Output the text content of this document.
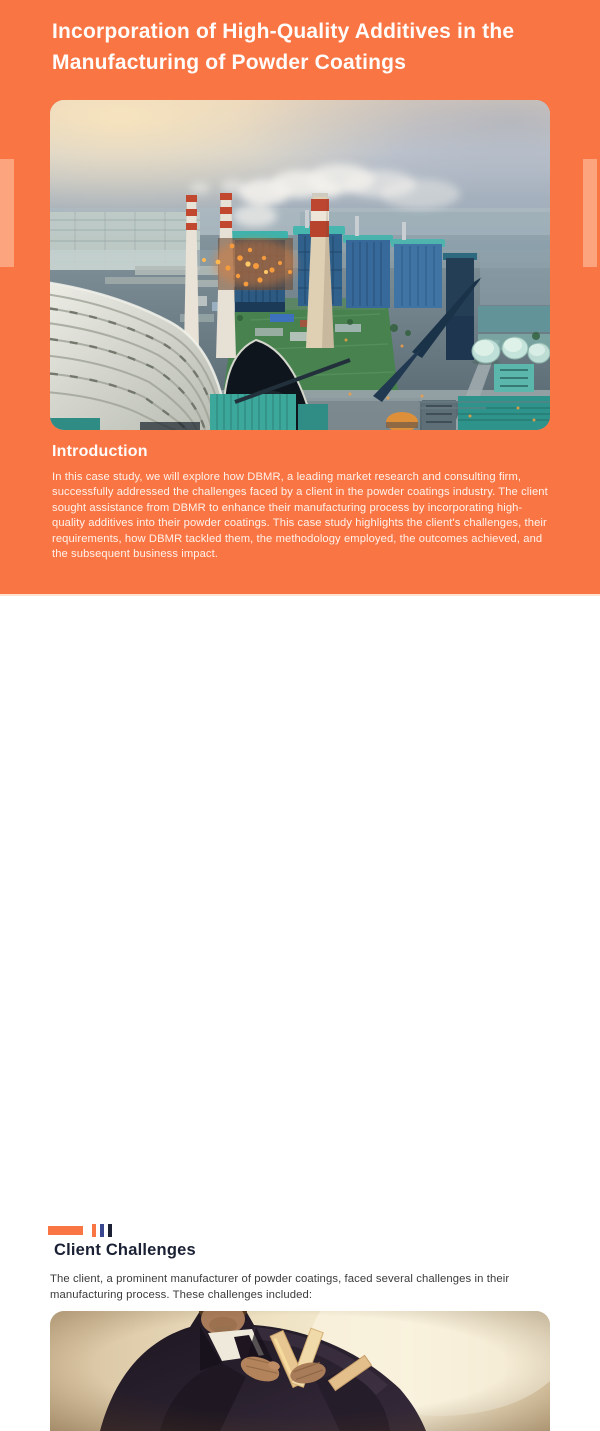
Incorporation of High-Quality Additives in the
Manufacturing of Powder Coatings
Introduction

In this case study, we will explore how DBMR, a leading market research and consulting firm, successfully addressed the challenges faced by a client in the powder coatings industry. The client sought assistance from DBMR to enhance their manufacturing process by incorporating high-quality additives into their powder coatings. This case study highlights the client's challenges, their requirements, how DBMR tackled them, the methodology employed, the outcomes achieved, and the subsequent business impact.

Client Challenges

The client, a prominent manufacturer of powder coatings, faced several challenges in their manufacturing process. These challenges included:
